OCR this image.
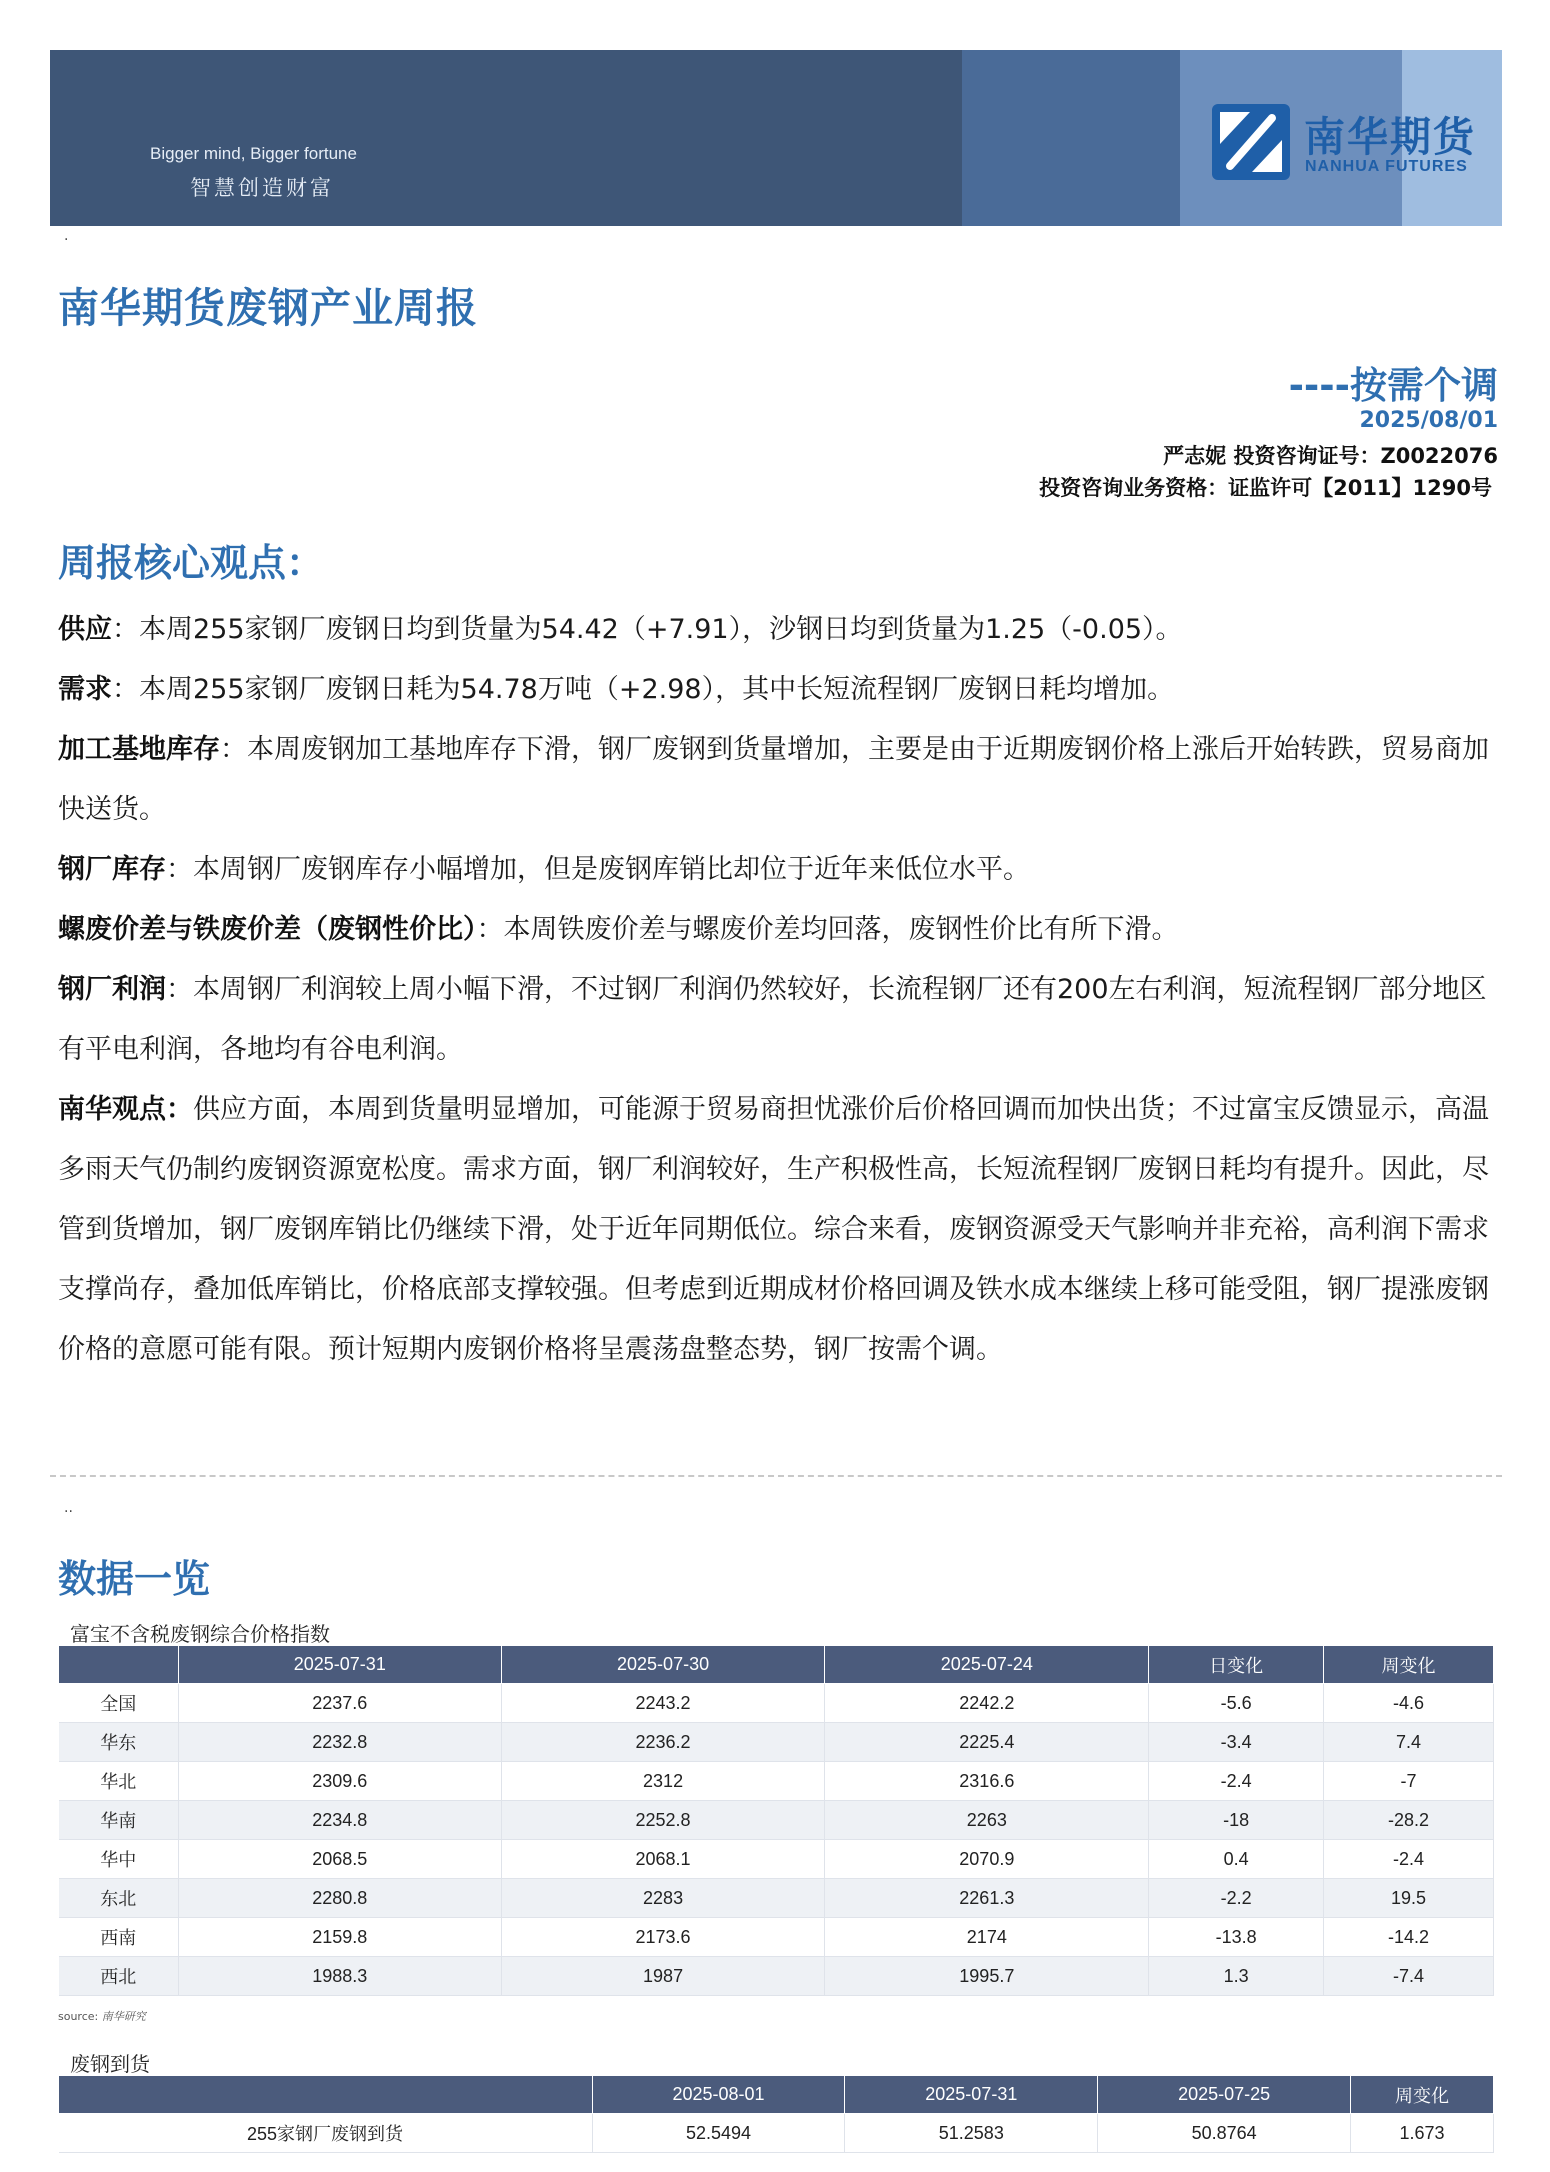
Bigger mind, Bigger fortune
智慧创造财富
南华期货
NANHUA FUTURES
·
南华期货废钢产业周报
----按需个调
2025/08/01
严志妮 投资咨询证号：Z0022076
投资咨询业务资格：证监许可【2011】1290号
周报核心观点：

供应：本周255家钢厂废钢日均到货量为54.42（+7.91），沙钢日均到货量为1.25（-0.05）。

需求：本周255家钢厂废钢日耗为54.78万吨（+2.98），其中长短流程钢厂废钢日耗均增加。

加工基地库存：本周废钢加工基地库存下滑，钢厂废钢到货量增加，主要是由于近期废钢价格上涨后开始转跌，贸易商加快送货。

钢厂库存：本周钢厂废钢库存小幅增加，但是废钢库销比却位于近年来低位水平。

螺废价差与铁废价差（废钢性价比）：本周铁废价差与螺废价差均回落，废钢性价比有所下滑。

钢厂利润：本周钢厂利润较上周小幅下滑，不过钢厂利润仍然较好，长流程钢厂还有200左右利润，短流程钢厂部分地区有平电利润，各地均有谷电利润。

南华观点：供应方面，本周到货量明显增加，可能源于贸易商担忧涨价后价格回调而加快出货；不过富宝反馈显示，高温多雨天气仍制约废钢资源宽松度。需求方面，钢厂利润较好，生产积极性高，长短流程钢厂废钢日耗均有提升。因此，尽管到货增加，钢厂废钢库销比仍继续下滑，处于近年同期低位。综合来看，废钢资源受天气影响并非充裕，高利润下需求支撑尚存，叠加低库销比，价格底部支撑较强。但考虑到近期成材价格回调及铁水成本继续上移可能受阻，钢厂提涨废钢价格的意愿可能有限。预计短期内废钢价格将呈震荡盘整态势，钢厂按需个调。

..
数据一览
富宝不含税废钢综合价格指数
	2025-07-31	2025-07-30	2025-07-24	日变化	周变化
全国	2237.6	2243.2	2242.2	-5.6	-4.6
华东	2232.8	2236.2	2225.4	-3.4	7.4
华北	2309.6	2312	2316.6	-2.4	-7
华南	2234.8	2252.8	2263	-18	-28.2
华中	2068.5	2068.1	2070.9	0.4	-2.4
东北	2280.8	2283	2261.3	-2.2	19.5
西南	2159.8	2173.6	2174	-13.8	-14.2
西北	1988.3	1987	1995.7	1.3	-7.4
source: 南华研究
废钢到货
	2025-08-01	2025-07-31	2025-07-25	周变化
255家钢厂废钢到货	52.5494	51.2583	50.8764	1.673
